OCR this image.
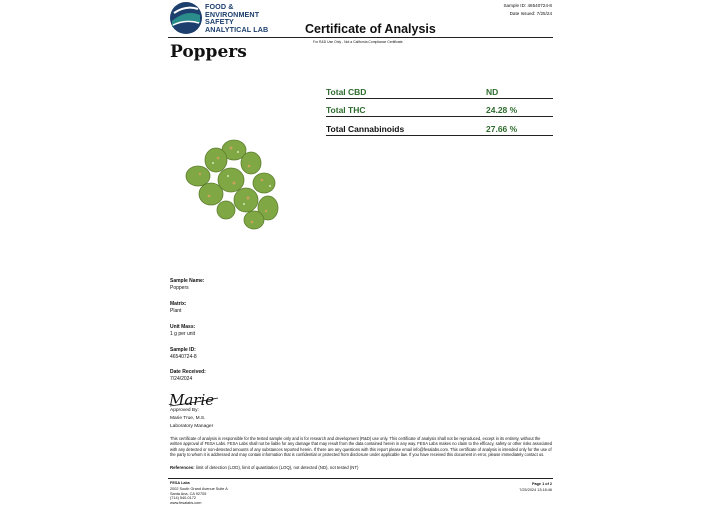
FOOD &
ENVIRONMENT
SAFETY
ANALYTICAL LAB
Sample ID: 46540724-8
Date Issued: 7/25/24
Certificate of Analysis
For R&D Use Only - Not a California Compliance Certificate.
Poppers
Total CBD	ND
Total THC	24.28 %
Total Cannabinoids	27.66 %
Sample Name:
Poppers
Matrix:
Plant
Unit Mass:
1 g per unit
Sample ID:
46540724-8
Date Received:
7/24/2024
Marie
Approved By:
Marie True, M.S.
Laboratory Manager
This certificate of analysis is responsible for the tested sample only and is for research and development (R&D) use only. This certificate of analysis shall not be reproduced, except in its entirety, without the written approval of FESA Labs. FESA Labs shall not be liable for any damage that may result from the data contained herein in any way. FESA Labs makes no claim to the efficacy, safety or other risks associated with any detected or non-detected amounts of any substances reported herein. If there are any questions with this report please email info@fesalabs.com. This certificate of analysis is intended only for the use of the party to whom it is addressed and may contain information that is confidential or protected from disclosure under applicable law. If you have received this document in error, please immediately contact us.
References: limit of detection (LOD), limit of quantitation (LOQ), not detected (ND), not tested (NT)
FESA Labs
2002 South Grand Avenue Suite A
Santa Ana, CA 92705
(714) 540-0172
www.fesalabs.com
Page 1 of 2
7/25/2024 13:18:46
